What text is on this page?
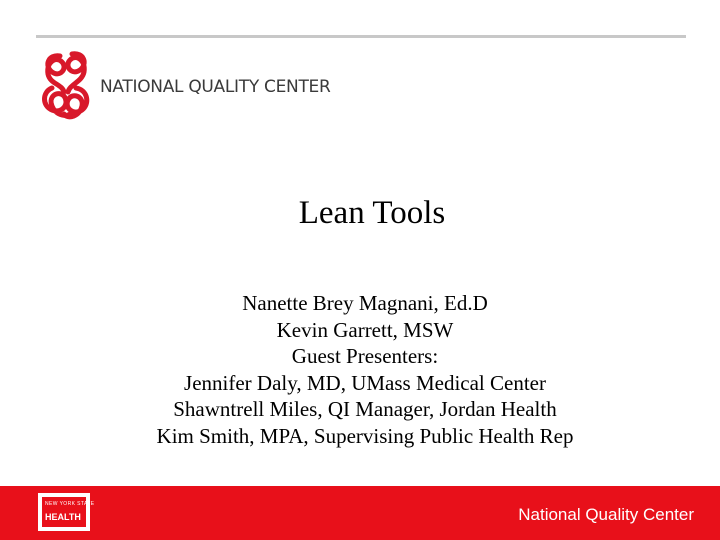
NATIONAL QUALITY CENTER
Lean Tools
Nanette Brey Magnani, Ed.D
Kevin Garrett, MSW
Guest Presenters:
Jennifer Daly, MD, UMass Medical Center
Shawntrell Miles, QI Manager, Jordan Health
Kim Smith, MPA, Supervising Public Health Rep
NEW YORK STATE
HEALTH	National Quality Center
